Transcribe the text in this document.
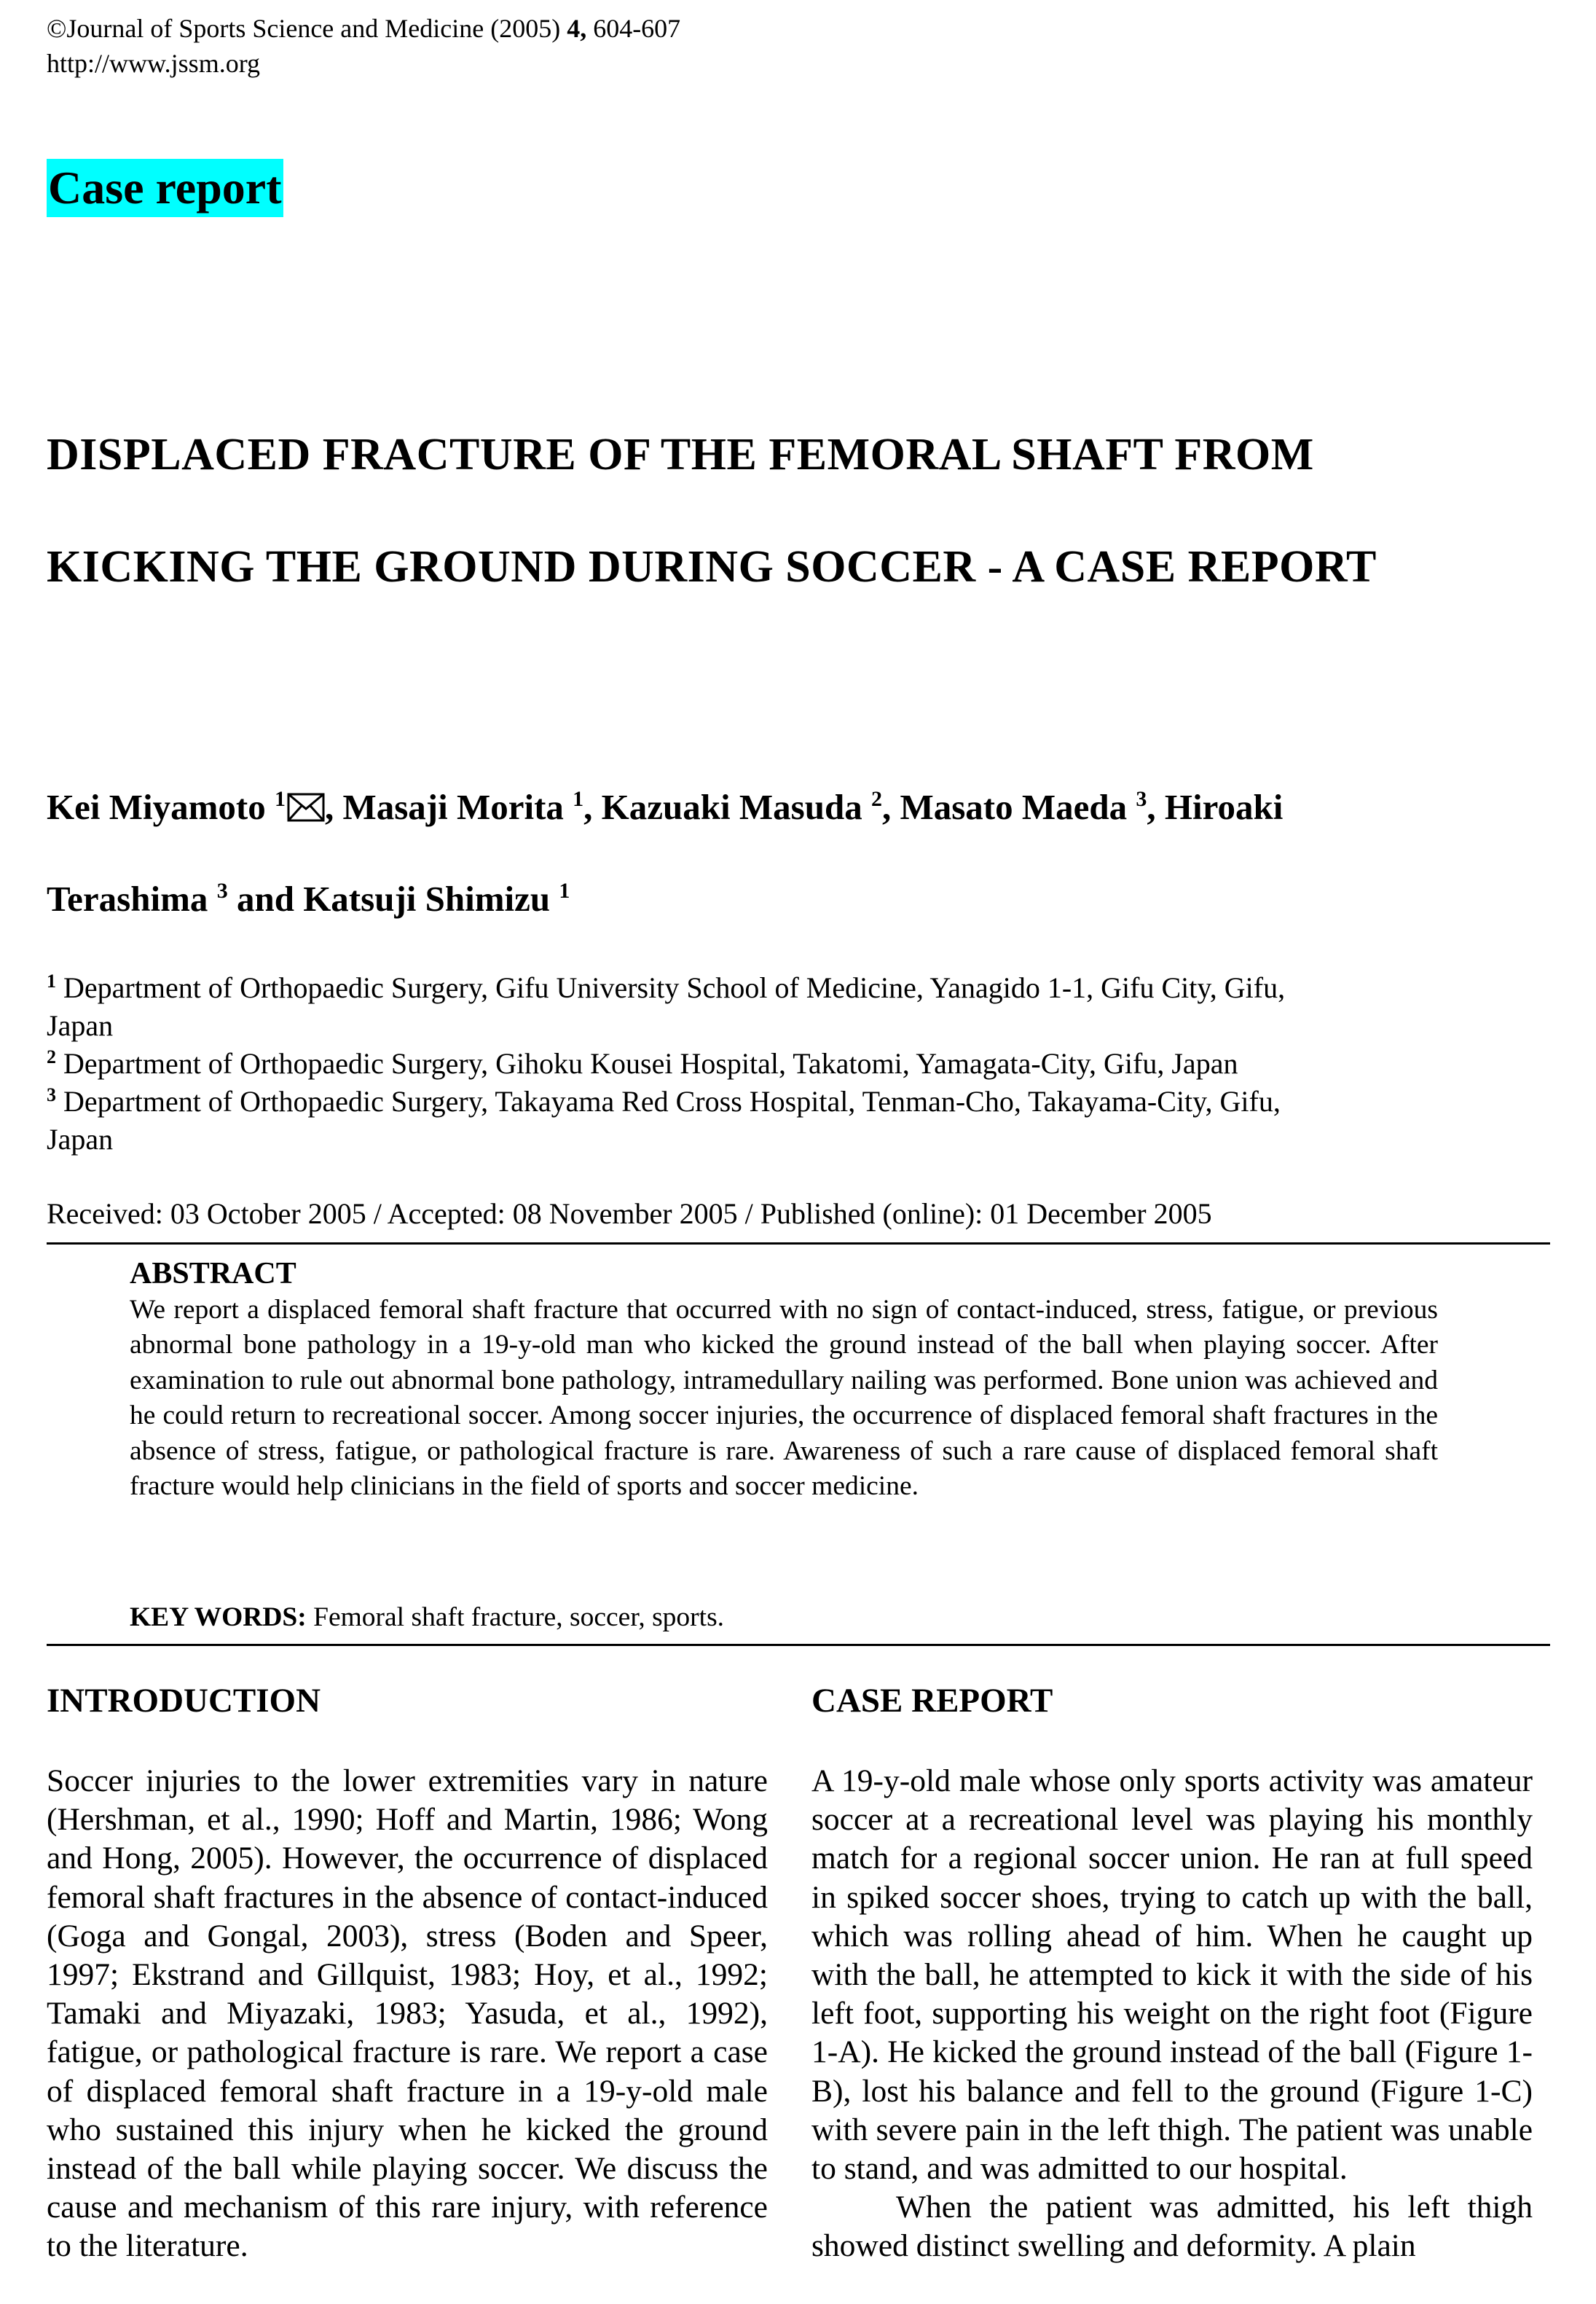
©Journal of Sports Science and Medicine (2005) 4, 604-607
http://www.jssm.org
Case report
DISPLACED FRACTURE OF THE FEMORAL SHAFT FROM
KICKING THE GROUND DURING SOCCER - A CASE REPORT
Kei Miyamoto $^1$ , Masaji Morita $^1$, Kazuaki Masuda $^2$, Masato Maeda $^3$, Hiroaki
Terashima $^3$ and Katsuji Shimizu $^1$
$^1$ Department of Orthopaedic Surgery, Gifu University School of Medicine, Yanagido 1-1, Gifu City, Gifu,
Japan
$^2$ Department of Orthopaedic Surgery, Gihoku Kousei Hospital, Takatomi, Yamagata-City, Gifu, Japan
$^3$ Department of Orthopaedic Surgery, Takayama Red Cross Hospital, Tenman-Cho, Takayama-City, Gifu,
Japan
Received: 03 October 2005 / Accepted: 08 November 2005 / Published (online): 01 December 2005
ABSTRACT

We report a displaced femoral shaft fracture that occurred with no sign of contact-induced, stress, fatigue, or previous abnormal bone pathology in a 19-y-old man who kicked the ground instead of the ball when playing soccer. After examination to rule out abnormal bone pathology, intramedullary nailing was performed. Bone union was achieved and he could return to recreational soccer. Among soccer injuries, the occurrence of displaced femoral shaft fractures in the absence of stress, fatigue, or pathological fracture is rare. Awareness of such a rare cause of displaced femoral shaft fracture would help clinicians in the field of sports and soccer medicine.

KEY WORDS: Femoral shaft fracture, soccer, sports.
INTRODUCTION

Soccer injuries to the lower extremities vary in nature (Hershman, et al., 1990; Hoff and Martin, 1986; Wong and Hong, 2005). However, the occurrence of displaced femoral shaft fractures in the absence of contact-induced (Goga and Gongal, 2003), stress (Boden and Speer, 1997; Ekstrand and Gillquist, 1983; Hoy, et al., 1992; Tamaki and Miyazaki, 1983; Yasuda, et al., 1992), fatigue, or pathological fracture is rare. We report a case of displaced femoral shaft fracture in a 19-y-old male who sustained this injury when he kicked the ground instead of the ball while playing soccer. We discuss the cause and mechanism of this rare injury, with reference to the literature.

CASE REPORT

A 19-y-old male whose only sports activity was amateur soccer at a recreational level was playing his monthly match for a regional soccer union. He ran at full speed in spiked soccer shoes, trying to catch up with the ball, which was rolling ahead of him. When he caught up with the ball, he attempted to kick it with the side of his left foot, supporting his weight on the right foot (Figure 1-A). He kicked the ground instead of the ball (Figure 1-B), lost his balance and fell to the ground (Figure 1-C) with severe pain in the left thigh. The patient was unable to stand, and was admitted to our hospital.

When the patient was admitted, his left thigh showed distinct swelling and deformity. A plain
